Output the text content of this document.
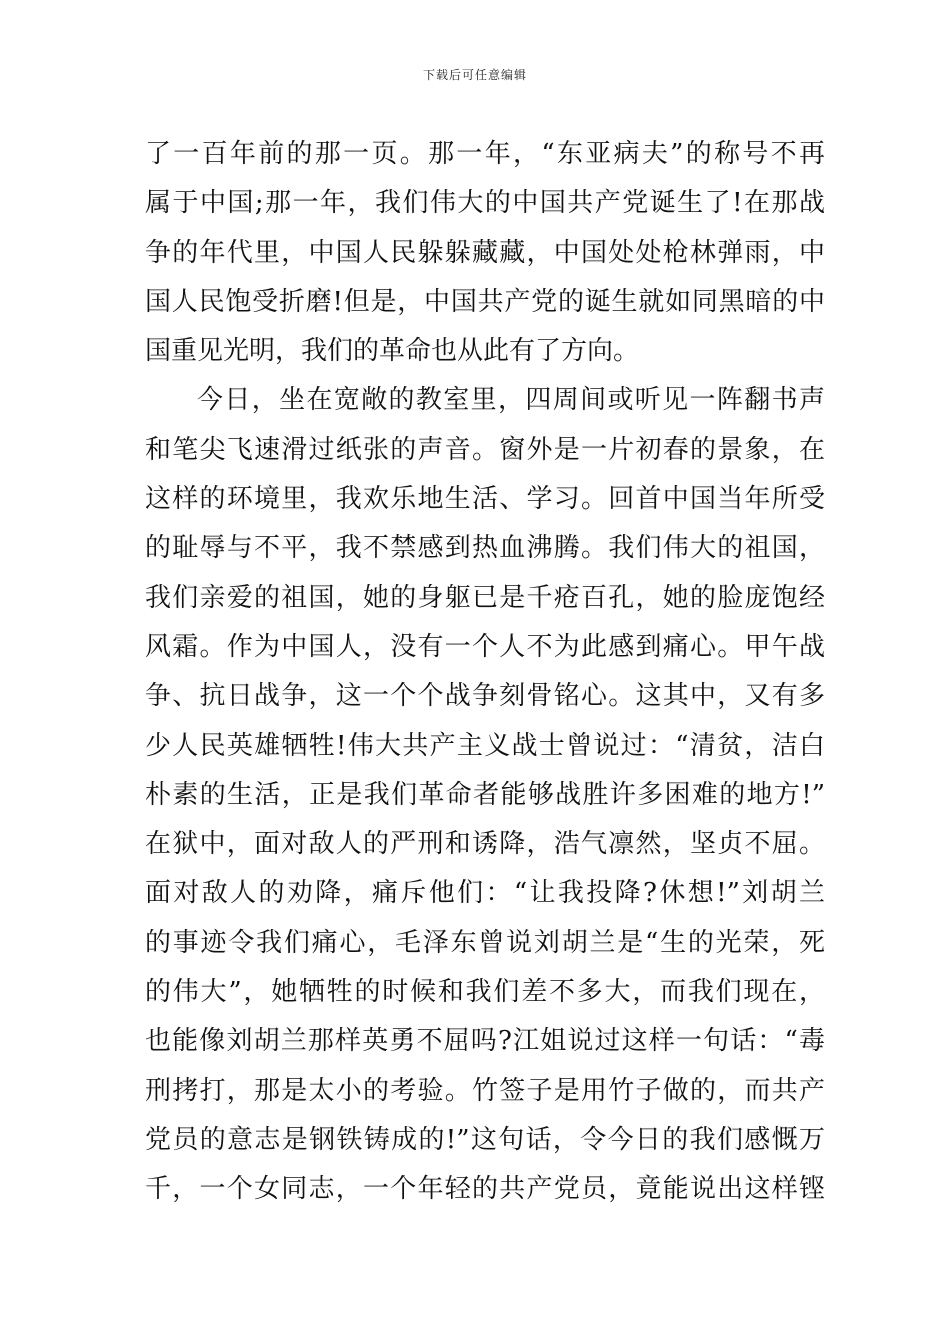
下载后可任意编辑
了一百年前的那一页。那一年，“东亚病夫”的称号不再
属于中国;那一年，我们伟大的中国共产党诞生了!在那战
争的年代里，中国人民躲躲藏藏，中国处处枪林弹雨，中
国人民饱受折磨!但是，中国共产党的诞生就如同黑暗的中
国重见光明，我们的革命也从此有了方向。
今日，坐在宽敞的教室里，四周间或听见一阵翻书声
和笔尖飞速滑过纸张的声音。窗外是一片初春的景象，在
这样的环境里，我欢乐地生活、学习。回首中国当年所受
的耻辱与不平，我不禁感到热血沸腾。我们伟大的祖国，
我们亲爱的祖国，她的身躯已是千疮百孔，她的脸庞饱经
风霜。作为中国人，没有一个人不为此感到痛心。甲午战
争、抗日战争，这一个个战争刻骨铭心。这其中，又有多
少人民英雄牺牲!伟大共产主义战士曾说过：“清贫，洁白
朴素的生活，正是我们革命者能够战胜许多困难的地方!”
在狱中，面对敌人的严刑和诱降，浩气凛然，坚贞不屈。
面对敌人的劝降，痛斥他们：“让我投降?休想!”刘胡兰
的事迹令我们痛心，毛泽东曾说刘胡兰是“生的光荣，死
的伟大”，她牺牲的时候和我们差不多大，而我们现在，
也能像刘胡兰那样英勇不屈吗?江姐说过这样一句话：“毒
刑拷打，那是太小的考验。竹签子是用竹子做的，而共产
党员的意志是钢铁铸成的!”这句话，令今日的我们感慨万
千，一个女同志，一个年轻的共产党员，竟能说出这样铿
